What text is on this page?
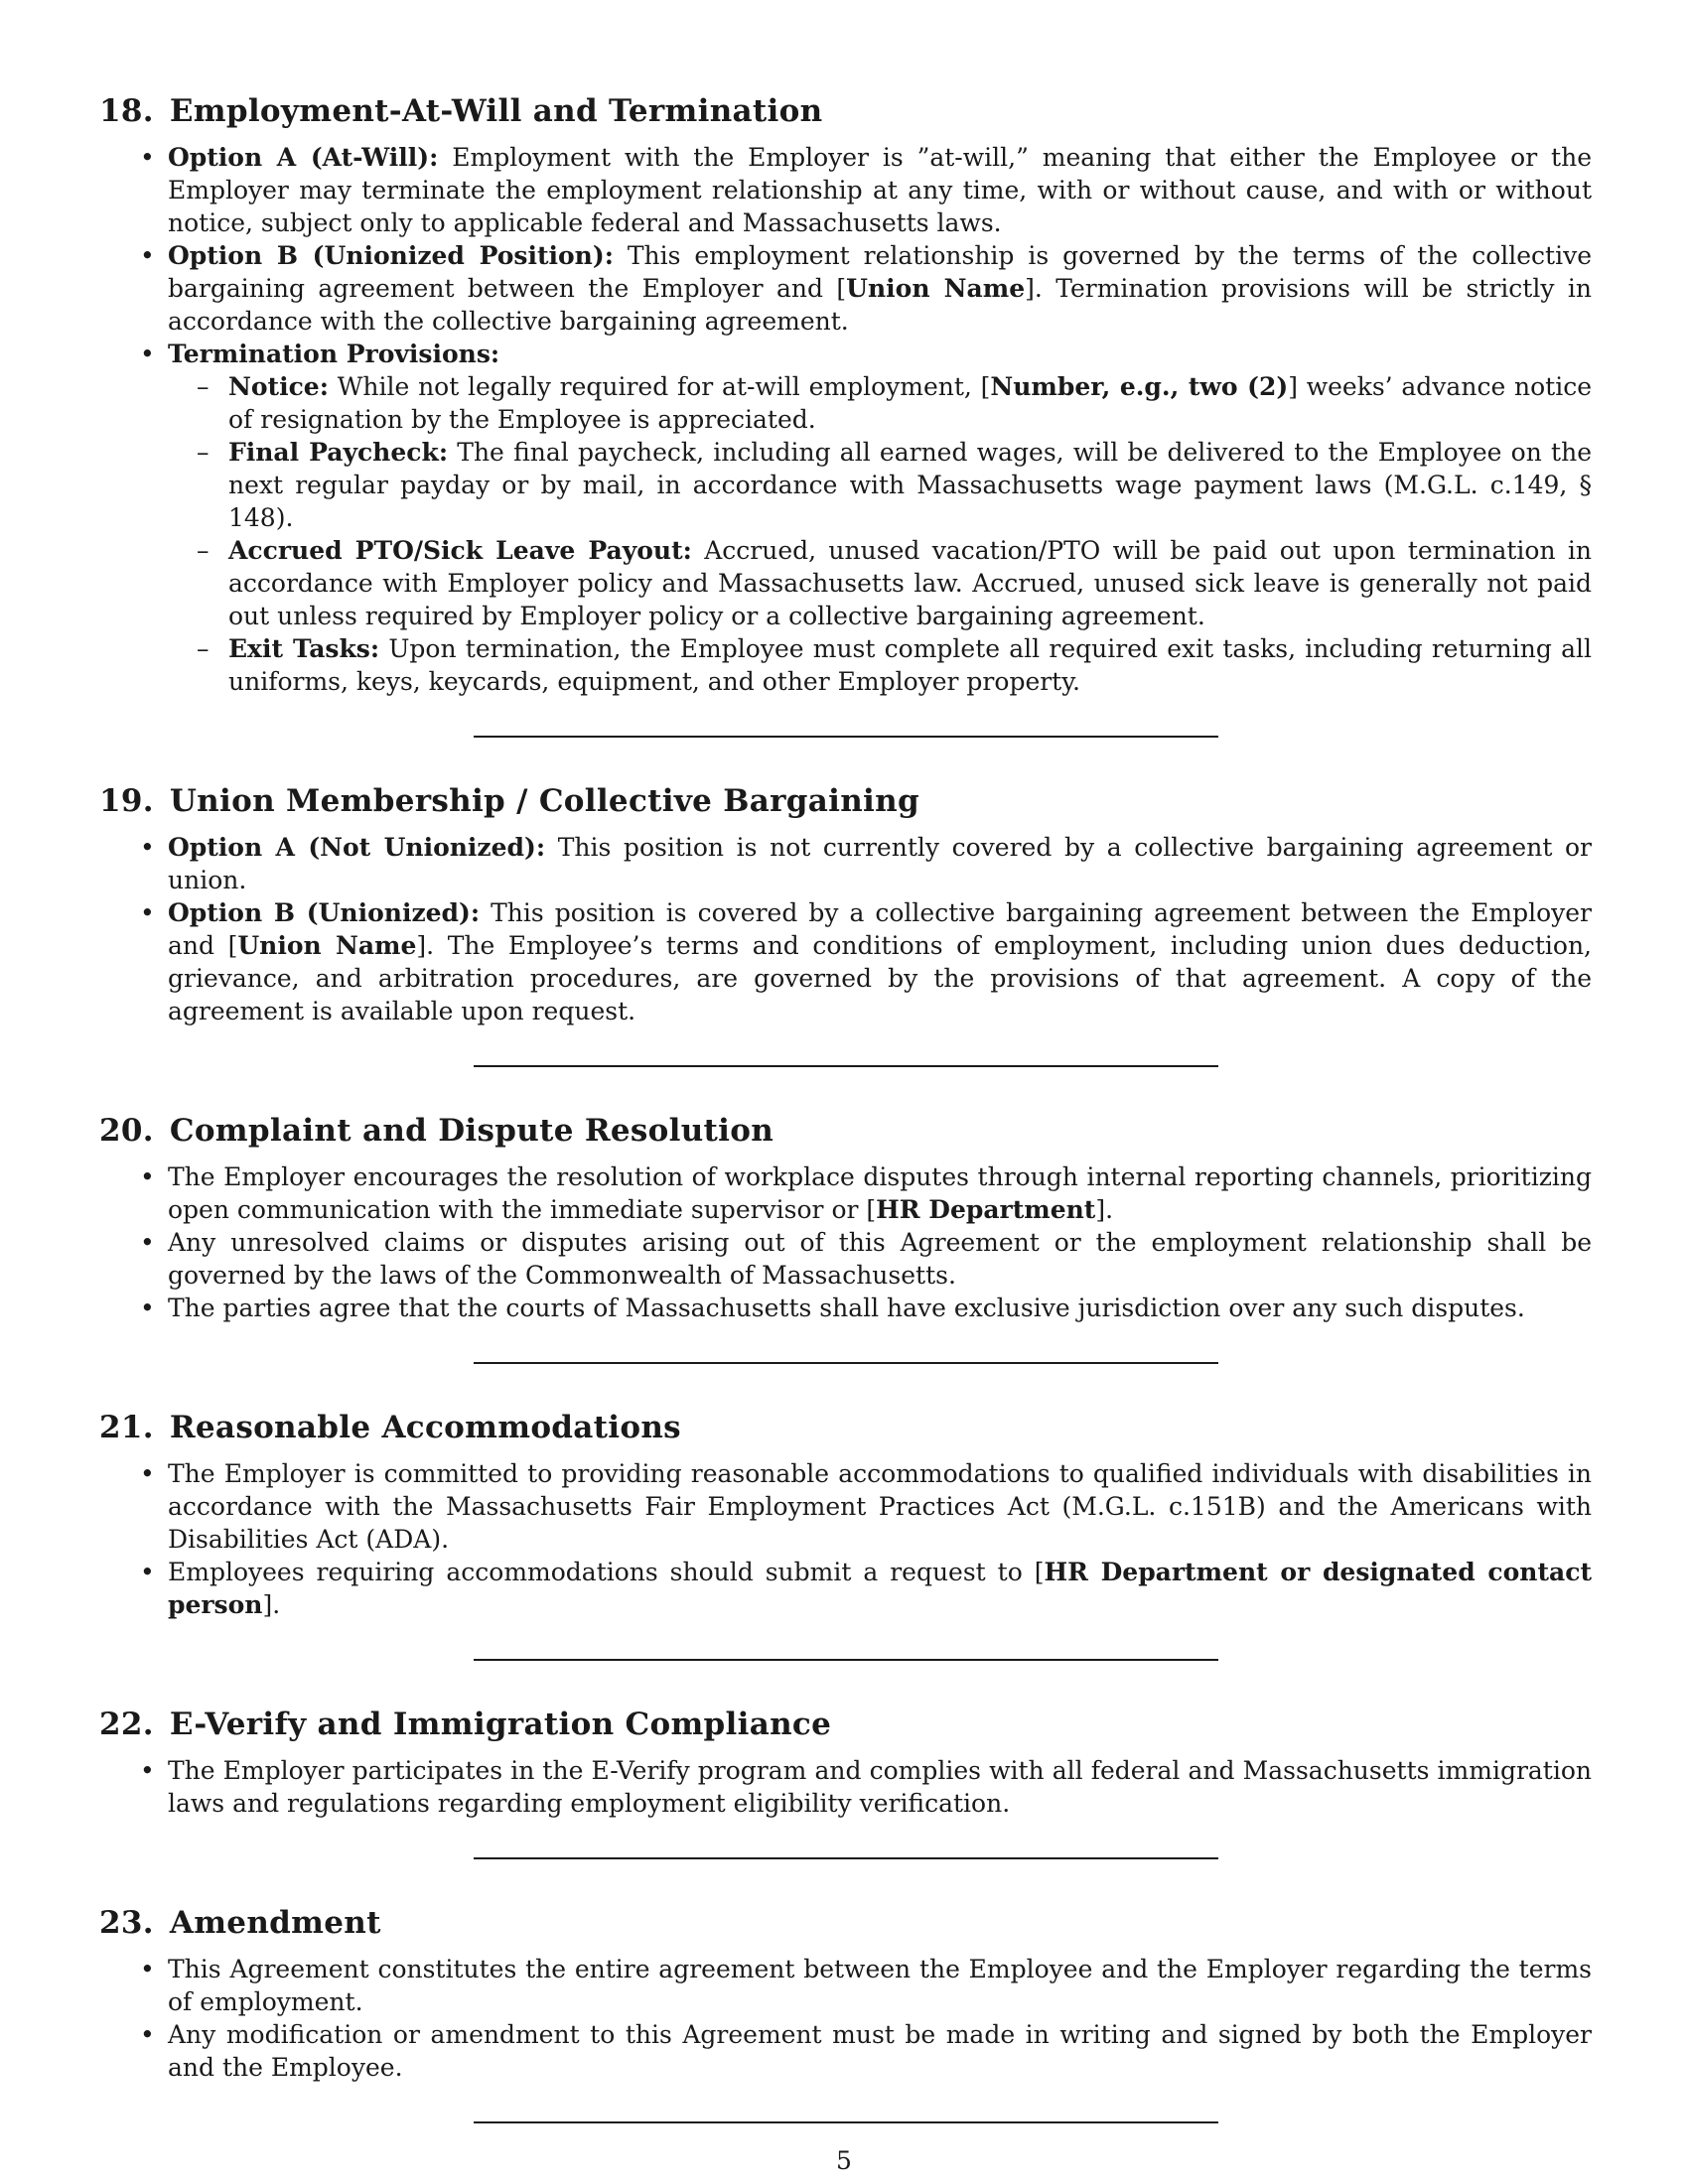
18. Employment-At-Will and Termination
• Option A (At-Will): Employment with the Employer is ”at-will,” meaning that either the Employee or the Employer may terminate the employment relationship at any time, with or without cause, and with or without notice, subject only to applicable federal and Massachusetts laws.
• Option B (Unionized Position): This employment relationship is governed by the terms of the collective bargaining agreement between the Employer and [Union Name]. Termination provisions will be strictly in accordance with the collective bargaining agreement.
• Termination Provisions:
– Notice: While not legally required for at-will employment, [Number, e.g., two (2)] weeks’ advance notice of resignation by the Employee is appreciated.
– Final Paycheck: The final paycheck, including all earned wages, will be delivered to the Employee on the next regular payday or by mail, in accordance with Massachusetts wage payment laws (M.G.L. c.149, § 148).
– Accrued PTO/Sick Leave Payout: Accrued, unused vacation/PTO will be paid out upon termination in accordance with Employer policy and Massachusetts law. Accrued, unused sick leave is generally not paid out unless required by Employer policy or a collective bargaining agreement.
– Exit Tasks: Upon termination, the Employee must complete all required exit tasks, including returning all uniforms, keys, keycards, equipment, and other Employer property.
19. Union Membership / Collective Bargaining
• Option A (Not Unionized): This position is not currently covered by a collective bargaining agreement or union.
• Option B (Unionized): This position is covered by a collective bargaining agreement between the Employer and [Union Name]. The Employee’s terms and conditions of employment, including union dues deduction, grievance, and arbitration procedures, are governed by the provisions of that agreement. A copy of the agreement is available upon request.
20. Complaint and Dispute Resolution
• The Employer encourages the resolution of workplace disputes through internal reporting channels, prioritizing open communication with the immediate supervisor or [HR Department].
• Any unresolved claims or disputes arising out of this Agreement or the employment relationship shall be governed by the laws of the Commonwealth of Massachusetts.
• The parties agree that the courts of Massachusetts shall have exclusive jurisdiction over any such disputes.
21. Reasonable Accommodations
• The Employer is committed to providing reasonable accommodations to qualified individuals with disabilities in accordance with the Massachusetts Fair Employment Practices Act (M.G.L. c.151B) and the Americans with Disabilities Act (ADA).
• Employees requiring accommodations should submit a request to [HR Department or designated contact person].
22. E-Verify and Immigration Compliance
• The Employer participates in the E-Verify program and complies with all federal and Massachusetts immigration laws and regulations regarding employment eligibility verification.
23. Amendment
• This Agreement constitutes the entire agreement between the Employee and the Employer regarding the terms of employment.
• Any modification or amendment to this Agreement must be made in writing and signed by both the Employer and the Employee.
5
